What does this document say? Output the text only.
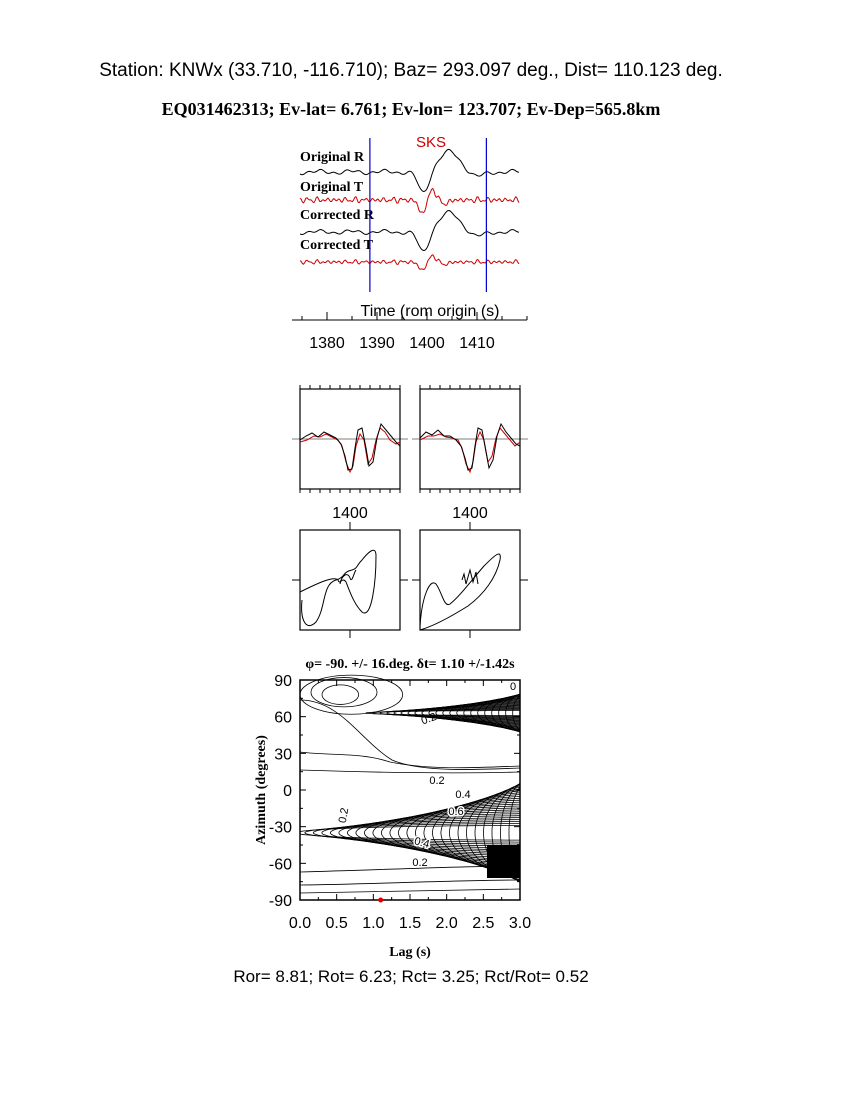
Station: KNWx (33.710, -116.710); Baz= 293.097 deg., Dist= 110.123 deg.
EQ031462313; Ev-lat= 6.761; Ev-lon= 123.707; Ev-Dep=565.8km
SKS
Original R
Original T
Corrected R
Corrected T
Time (rom origin (s)
1380 1390 1400 1410
1400	1400
φ= -90. +/- 16.deg. δt= 1.10 +/-1.42s
0.0 0.5 1.0 1.5 2.0 2.5 3.0
90
60
30
0
-30
-60
-90
0
0.2
0.2
0.4
0.6
0.2
0.4
0.2
Lag (s)
Azimuth (degrees)
Ror= 8.81; Rot= 6.23; Rct= 3.25; Rct/Rot= 0.52
